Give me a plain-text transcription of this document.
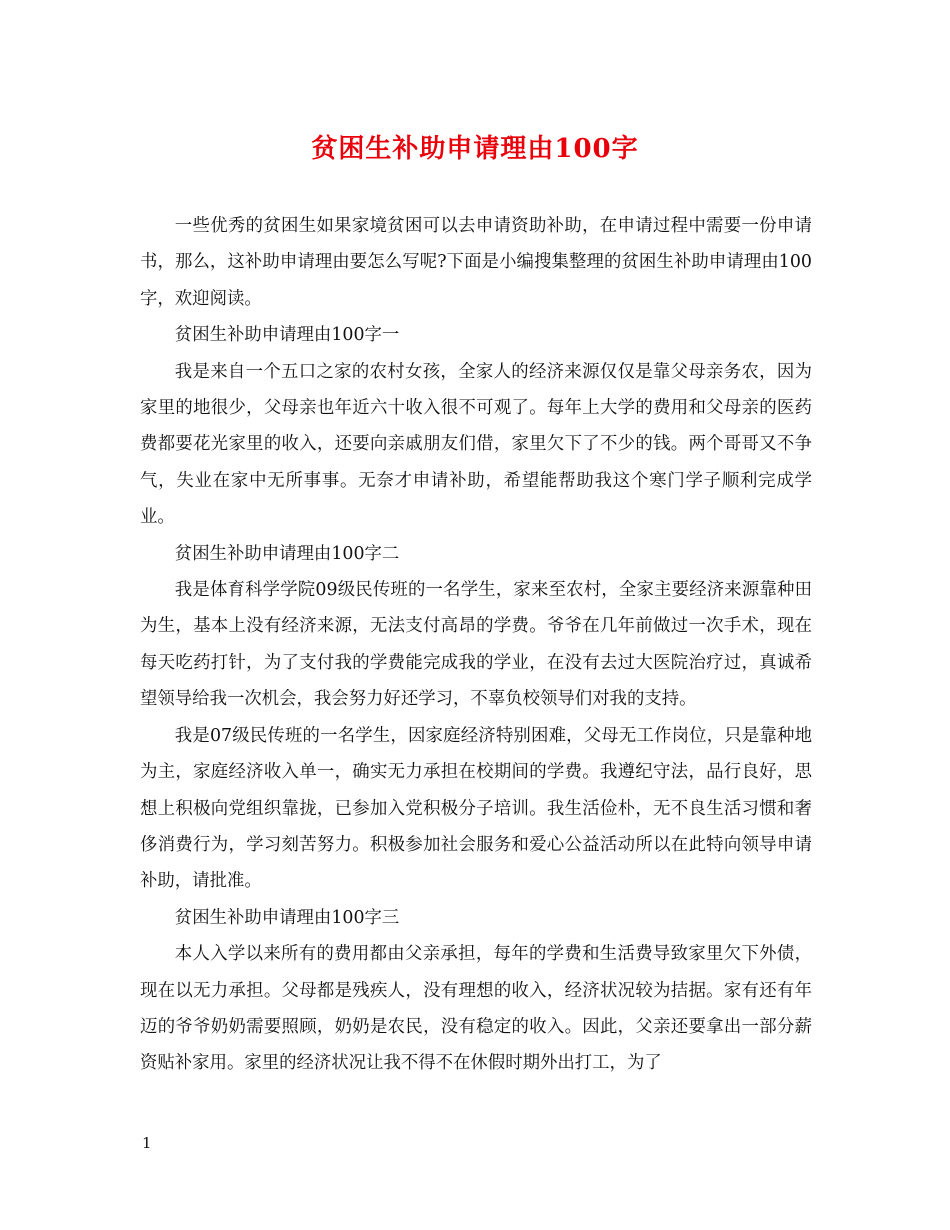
贫困生补助申请理由100字

一些优秀的贫困生如果家境贫困可以去申请资助补助，在申请过程中需要一份申请书，那么，这补助申请理由要怎么写呢?下面是小编搜集整理的贫困生补助申请理由100字，欢迎阅读。

贫困生补助申请理由100字一

我是来自一个五口之家的农村女孩，全家人的经济来源仅仅是靠父母亲务农，因为家里的地很少，父母亲也年近六十收入很不可观了。每年上大学的费用和父母亲的医药费都要花光家里的收入，还要向亲戚朋友们借，家里欠下了不少的钱。两个哥哥又不争气，失业在家中无所事事。无奈才申请补助，希望能帮助我这个寒门学子顺利完成学业。

贫困生补助申请理由100字二

我是体育科学学院09级民传班的一名学生，家来至农村，全家主要经济来源靠种田为生，基本上没有经济来源，无法支付高昂的学费。爷爷在几年前做过一次手术，现在每天吃药打针，为了支付我的学费能完成我的学业，在没有去过大医院治疗过，真诚希望领导给我一次机会，我会努力好还学习，不辜负校领导们对我的支持。

我是07级民传班的一名学生，因家庭经济特别困难，父母无工作岗位，只是靠种地为主，家庭经济收入单一，确实无力承担在校期间的学费。我遵纪守法，品行良好，思想上积极向党组织靠拢，已参加入党积极分子培训。我生活俭朴，无不良生活习惯和奢侈消费行为，学习刻苦努力。积极参加社会服务和爱心公益活动所以在此特向领导申请补助，请批准。

贫困生补助申请理由100字三

本人入学以来所有的费用都由父亲承担，每年的学费和生活费导致家里欠下外债，现在以无力承担。父母都是残疾人，没有理想的收入，经济状况较为拮据。家有还有年迈的爷爷奶奶需要照顾，奶奶是农民，没有稳定的收入。因此，父亲还要拿出一部分薪资贴补家用。家里的经济状况让我不得不在休假时期外出打工，为了

1
